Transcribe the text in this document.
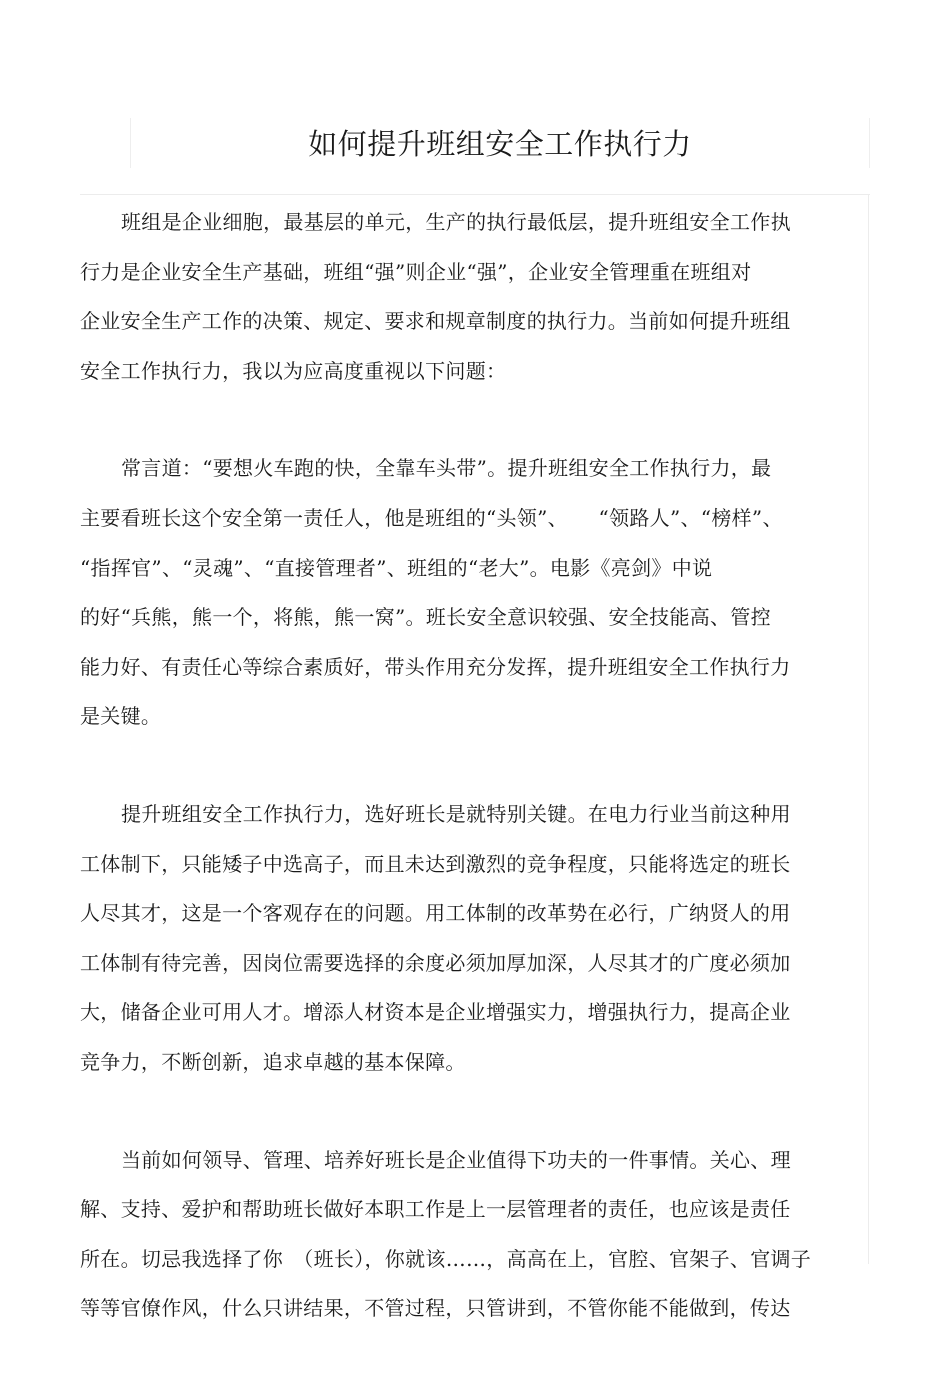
如何提升班组安全工作执行力
班组是企业细胞，最基层的单元，生产的执行最低层，提升班组安全工作执
行力是企业安全生产基础，班组“强”则企业“强”，企业安全管理重在班组对
企业安全生产工作的决策、规定、要求和规章制度的执行力。当前如何提升班组
安全工作执行力，我以为应高度重视以下问题：
常言道：“要想火车跑的快，全靠车头带”。提升班组安全工作执行力，最
主要看班长这个安全第一责任人，他是班组的“头领”、　　“领路人”、“榜样”、
“指挥官”、“灵魂”、“直接管理者”、班组的“老大”。电影《亮剑》中说
的好“兵熊，熊一个，将熊，熊一窝”。班长安全意识较强、安全技能高、管控
能力好、有责任心等综合素质好，带头作用充分发挥，提升班组安全工作执行力
是关键。
提升班组安全工作执行力，选好班长是就特别关键。在电力行业当前这种用
工体制下，只能矮子中选高子，而且未达到激烈的竞争程度，只能将选定的班长
人尽其才，这是一个客观存在的问题。用工体制的改革势在必行，广纳贤人的用
工体制有待完善，因岗位需要选择的余度必须加厚加深，人尽其才的广度必须加
大，储备企业可用人才。增添人材资本是企业增强实力，增强执行力，提高企业
竞争力，不断创新，追求卓越的基本保障。
当前如何领导、管理、培养好班长是企业值得下功夫的一件事情。关心、理
解、支持、爱护和帮助班长做好本职工作是上一层管理者的责任，也应该是责任
所在。切忌我选择了你　（班长），你就该……，高高在上，官腔、官架子、官调子
等等官僚作风，什么只讲结果，不管过程，只管讲到，不管你能不能做到，传达
